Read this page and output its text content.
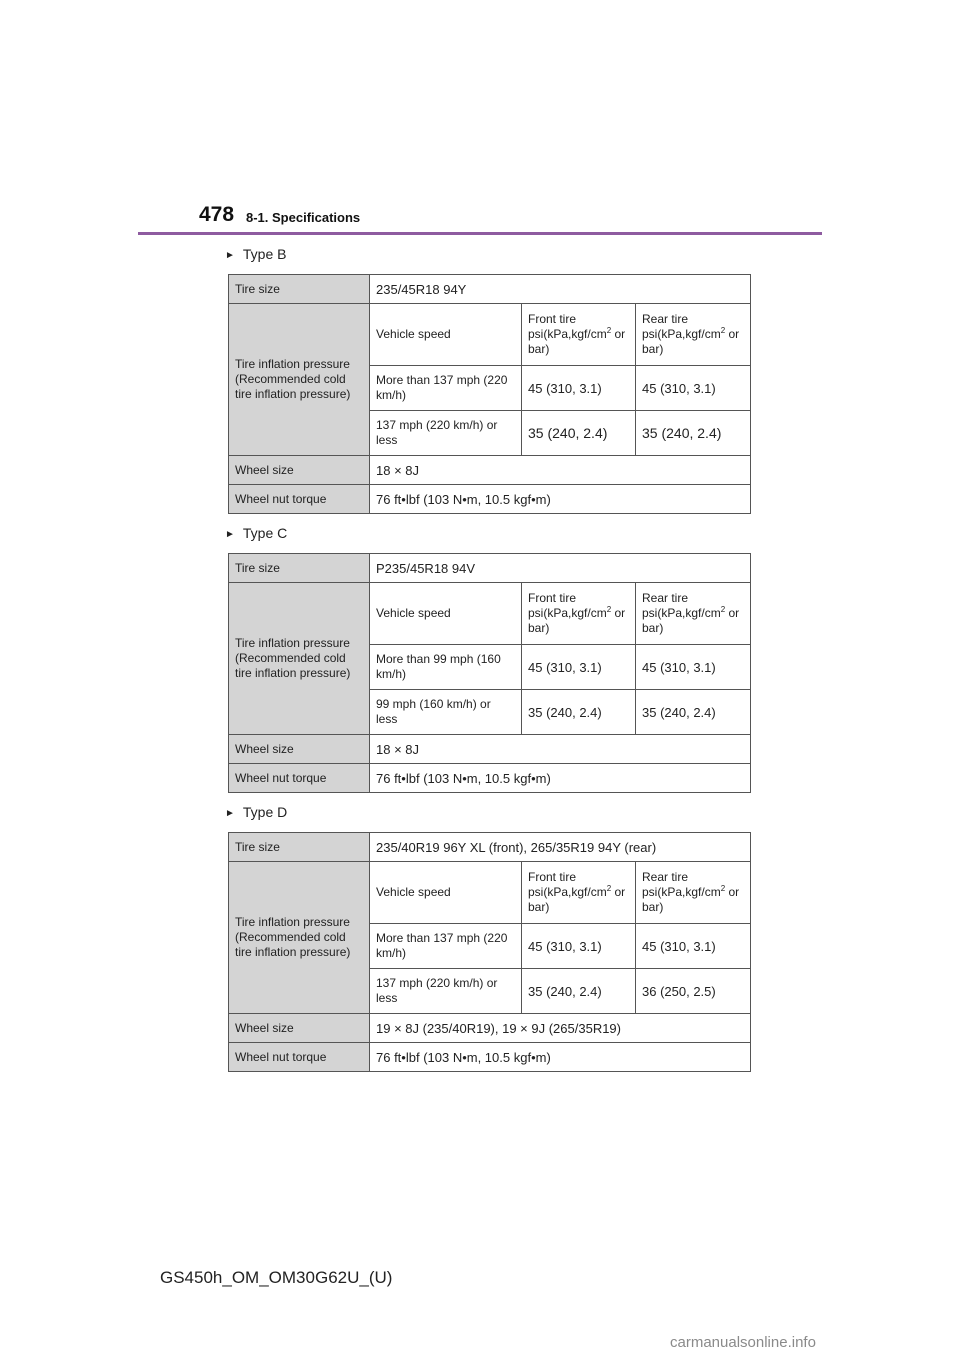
478 8-1. Specifications
► Type B
Tire size	235/45R18 94Y		
Tire inflation pressure (Recommended cold tire inflation pressure)	Vehicle speed	Front tire $psi(kPa,kgf/cm^2$ or bar)	Rear tire $psi(kPa,kgf/cm^2$ or bar)
	More than 137 mph (220 km/h)	45 (310, 3.1)	45 (310, 3.1)
	137 mph (220 km/h) or less	35 (240, 2.4)	35 (240, 2.4)
Wheel size	18 × 8J		
Wheel nut torque	76 ft•lbf (103 N•m, 10.5 kgf•m)		
► Type C
Tire size	P235/45R18 94V		
Tire inflation pressure (Recommended cold tire inflation pressure)	Vehicle speed	Front tire $psi(kPa,kgf/cm^2$ or bar)	Rear tire $psi(kPa,kgf/cm^2$ or bar)
	More than 99 mph (160 km/h)	45 (310, 3.1)	45 (310, 3.1)
	99 mph (160 km/h) or less	35 (240, 2.4)	35 (240, 2.4)
Wheel size	18 × 8J		
Wheel nut torque	76 ft•lbf (103 N•m, 10.5 kgf•m)		
► Type D
Tire size	235/40R19 96Y XL (front), 265/35R19 94Y (rear)		
Tire inflation pressure (Recommended cold tire inflation pressure)	Vehicle speed	Front tire $psi(kPa,kgf/cm^2$ or bar)	Rear tire $psi(kPa,kgf/cm^2$ or bar)
	More than 137 mph (220 km/h)	45 (310, 3.1)	45 (310, 3.1)
	137 mph (220 km/h) or less	35 (240, 2.4)	36 (250, 2.5)
Wheel size	19 × 8J (235/40R19), 19 × 9J (265/35R19)		
Wheel nut torque	76 ft•lbf (103 N•m, 10.5 kgf•m)		
GS450h_OM_OM30G62U_(U)
carmanualsonline.info
